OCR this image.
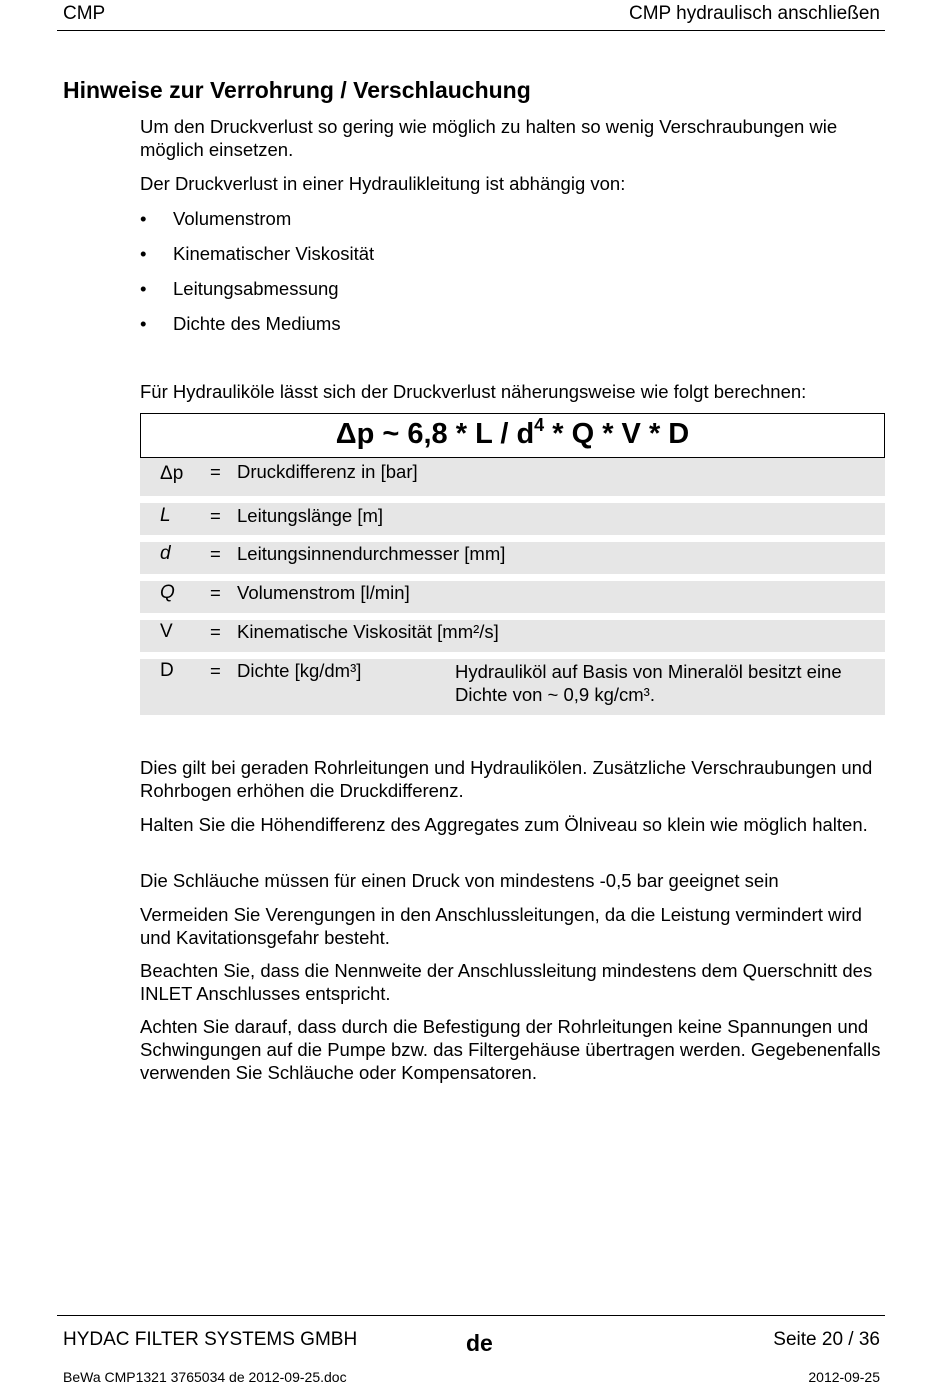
CMP	CMP hydraulisch anschließen
Hinweise zur Verrohrung / Verschlauchung
Um den Druckverlust so gering wie möglich zu halten so wenig Verschraubungen wie möglich einsetzen.
Der Druckverlust in einer Hydraulikleitung ist abhängig von:
•	Volumenstrom
•	Kinematischer Viskosität
•	Leitungsabmessung
•	Dichte des Mediums
Für Hydrauliköle lässt sich der Druckverlust näherungsweise wie folgt berechnen:
Δp ~ 6,8 * L / $d^4$ * Q * V * D
Δp = Druckdifferenz in [bar]
L = Leitungslänge [m]
d = Leitungsinnendurchmesser [mm]
Q = Volumenstrom [l/min]
V = Kinematische Viskosität [mm²/s]
D = Dichte [kg/dm³]	Hydrauliköl auf Basis von Mineralöl besitzt eine Dichte von ~ 0,9 kg/cm³.
Dies gilt bei geraden Rohrleitungen und Hydraulikölen. Zusätzliche Verschraubungen und Rohrbogen erhöhen die Druckdifferenz.
Halten Sie die Höhendifferenz des Aggregates zum Ölniveau so klein wie möglich halten.
Die Schläuche müssen für einen Druck von mindestens -0,5 bar geeignet sein
Vermeiden Sie Verengungen in den Anschlussleitungen, da die Leistung vermindert wird und Kavitationsgefahr besteht.
Beachten Sie, dass die Nennweite der Anschlussleitung mindestens dem Querschnitt des INLET Anschlusses entspricht.
Achten Sie darauf, dass durch die Befestigung der Rohrleitungen keine Spannungen und Schwingungen auf die Pumpe bzw. das Filtergehäuse übertragen werden. Gegebenenfalls verwenden Sie Schläuche oder Kompensatoren.
HYDAC FILTER SYSTEMS GMBH	de	Seite 20 / 36
BeWa CMP1321 3765034 de 2012-09-25.doc	2012-09-25
